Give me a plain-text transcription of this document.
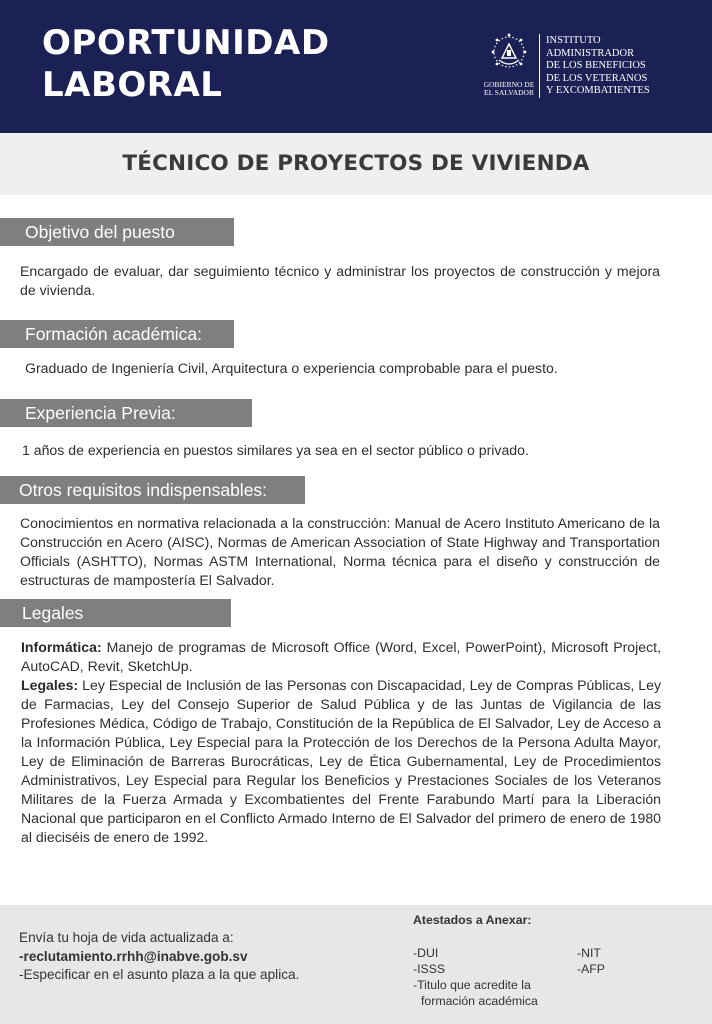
OPORTUNIDAD
LABORAL	GOBIERNO DE
EL SALVADOR
INSTITUTO
ADMINISTRADOR
DE LOS BENEFICIOS
DE LOS VETERANOS
Y EXCOMBATIENTES
TÉCNICO DE PROYECTOS DE VIVIENDA
Objetivo del puesto
Encargado de evaluar, dar seguimiento técnico y administrar los proyectos de construcción y mejora de vivienda.
Formación académica:
Graduado de Ingeniería Civil, Arquitectura o experiencia comprobable para el puesto.
Experiencia Previa:
1 años de experiencia en puestos similares ya sea en el sector público o privado.
Otros requisitos indispensables:
Conocimientos en normativa relacionada a la construcción: Manual de Acero Instituto Americano de la Construcción en Acero (AISC), Normas de American Association of State Highway and Transportation Officials (ASHTTO), Normas ASTM International, Norma técnica para el diseño y construcción de estructuras de mampostería El Salvador.
Legales
Informática: Manejo de programas de Microsoft Office (Word, Excel, PowerPoint), Microsoft Project, AutoCAD, Revit, SketchUp.
Legales: Ley Especial de Inclusión de las Personas con Discapacidad, Ley de Compras Públicas, Ley de Farmacias, Ley del Consejo Superior de Salud Pública y de las Juntas de Vigilancia de las Profesiones Médica, Código de Trabajo, Constitución de la República de El Salvador, Ley de Acceso a la Información Pública, Ley Especial para la Protección de los Derechos de la Persona Adulta Mayor, Ley de Eliminación de Barreras Burocráticas, Ley de Ética Gubernamental, Ley de Procedimientos Administrativos, Ley Especial para Regular los Beneficios y Prestaciones Sociales de los Veteranos Militares de la Fuerza Armada y Excombatientes del Frente Farabundo Martí para la Liberación Nacional que participaron en el Conflicto Armado Interno de El Salvador del primero de enero de 1980 al dieciséis de enero de 1992.
Envía tu hoja de vida actualizada a:
-reclutamiento.rrhh@inabve.gob.sv
-Especificar en el asunto plaza a la que aplica.
Atestados a Anexar:
-DUI
-ISSS
-Titulo que acredite la
formación académica
-NIT
-AFP
